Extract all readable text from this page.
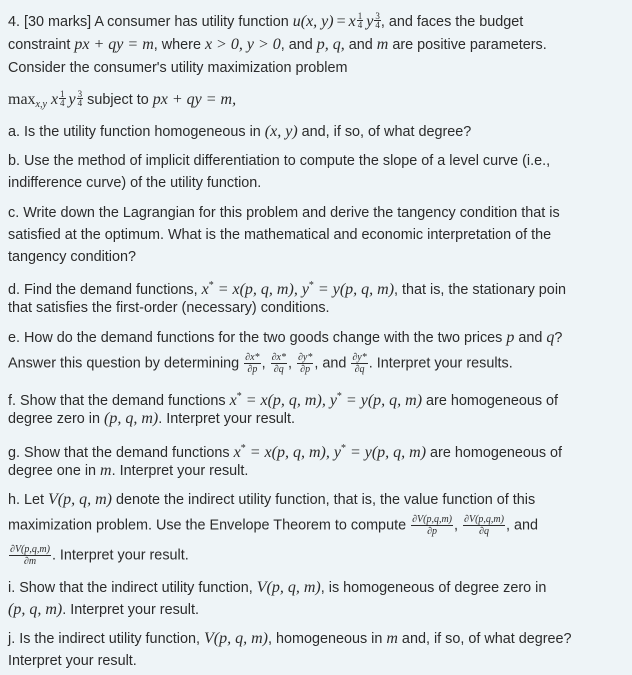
4. [30 marks] A consumer has utility function u(x, y) = x $\frac{1}{4}$ y $\frac{3}{4}$ , and faces the budget
constraint px + qy = m, where x > 0, y > 0, and p, q, and m are positive parameters.
Consider the consumer's utility maximization problem
$\max_{x,y} x \frac{1}{4}$ y $\frac{3}{4}$ subject to px + qy = m,
a. Is the utility function homogeneous in (x, y) and, if so, of what degree?
b. Use the method of implicit differentiation to compute the slope of a level curve (i.e.,
indifference curve) of the utility function.
c. Write down the Lagrangian for this problem and derive the tangency condition that is
satisfied at the optimum. What is the mathematical and economic interpretation of the
tangency condition?
d. Find the demand functions, x* = x(p, q, m), y* = y(p, q, m), that is, the stationary poin
that satisfies the first-order (necessary) conditions.
e. How do the demand functions for the two goods change with the two prices p and q?
Answer this question by determining $\frac{\partial x*}{\partial p}$ , $\frac{\partial x*}{\partial q}$ , $\frac{\partial y*}{\partial p}$ , and $\frac{\partial y*}{\partial q}$ . Interpret your results.
f. Show that the demand functions x* = x(p, q, m), y* = y(p, q, m) are homogeneous of
degree zero in (p, q, m). Interpret your result.
g. Show that the demand functions x* = x(p, q, m), y* = y(p, q, m) are homogeneous of
degree one in m. Interpret your result.
h. Let V(p, q, m) denote the indirect utility function, that is, the value function of this
maximization problem. Use the Envelope Theorem to compute $\frac{\partial V(p,q,m)}{\partial p}$ , $\frac{\partial V(p,q,m)}{\partial q}$ , and
$\frac{\partial V(p,q,m)}{\partial m}$ . Interpret your result.
i. Show that the indirect utility function, V(p, q, m), is homogeneous of degree zero in
(p, q, m). Interpret your result.
j. Is the indirect utility function, V(p, q, m), homogeneous in m and, if so, of what degree?
Interpret your result.
